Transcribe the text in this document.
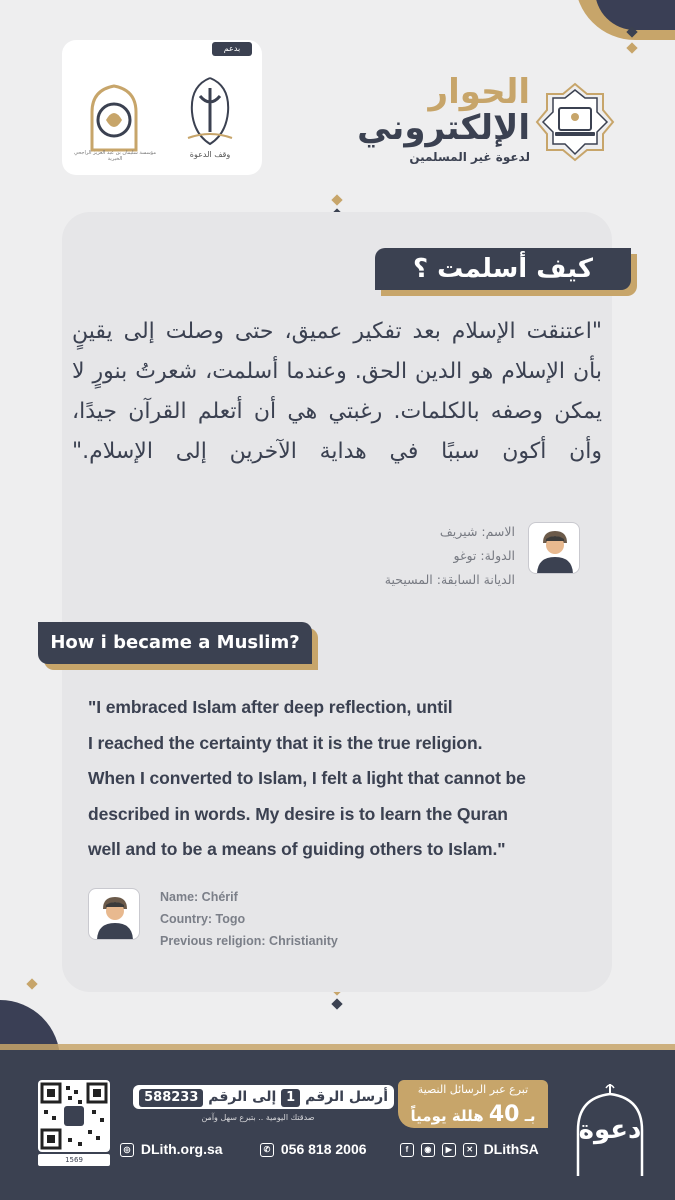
بدعم
مؤسسة سليمان بن عبد العزيز الراجحي الخيرية	وقف الدعوة
الحوار
الإلكتروني
لدعوة غير المسلمين
كيف أسلمت ؟
"اعتنقت الإسلام بعد تفكير عميق، حتى وصلت إلى يقينٍ بأن الإسلام هو الدين الحق. وعندما أسلمت، شعرتُ بنورٍ لا يمكن وصفه بالكلمات. رغبتي هي أن أتعلم القرآن جيدًا، وأن أكون سببًا في هداية الآخرين إلى الإسلام."
الاسم: شيريف
الدولة: توغو
الديانة السابقة: المسيحية
How i became a Muslim?
"I embraced Islam after deep reflection, until
I reached the certainty that it is the true religion.
When I converted to Islam, I felt a light that cannot be
described in words. My desire is to learn the Quran
well and to be a means of guiding others to Islam."
Name: Chérif
Country: Togo
Previous religion: Christianity
1569
أرسل الرقم 1 إلى الرقم 588233
صدقتك اليومية .. بتبرع سهل وآمن
تبرع عبر الرسائل النصية
بـ 40 هللة يومياً
◎ DLith.org.sa	✆ 056 818 2006	f ◉ ▶ ✕ DLithSA
دعوة
